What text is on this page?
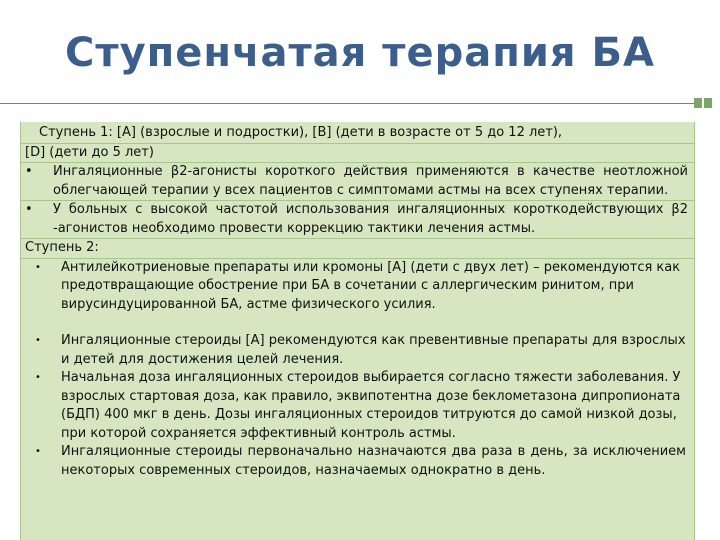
Ступенчатая терапия БА

Ступень 1: [A] (взрослые и подростки), [B] (дети в возрасте от 5 до 12 лет),

[D] (дети до 5 лет)

• Ингаляционные β2-агонисты короткого действия применяются в качестве неотложной облегчающей терапии у всех пациентов с симптомами астмы на всех ступенях терапии.
• У больных с высокой частотой использования ингаляционных короткодействующих β2 -агонистов необходимо провести коррекцию тактики лечения астмы.

Ступень 2:

• Антилейкотриеновые препараты или кромоны [A] (дети с двух лет) – рекомендуются как предотвращающие обострение при БА в сочетании с аллергическим ринитом, при вирусиндуцированной БА, астме физического усилия.
• Ингаляционные стероиды [A] рекомендуются как превентивные препараты для взрослых и детей для достижения целей лечения.
• Начальная доза ингаляционных стероидов выбирается согласно тяжести заболевания. У взрослых стартовая доза, как правило, эквипотентна дозе беклометазона дипропионата (БДП) 400 мкг в день. Дозы ингаляционных стероидов титруются до самой низкой дозы, при которой сохраняется эффективный контроль астмы.
• Ингаляционные стероиды первоначально назначаются два раза в день, за исключением некоторых современных стероидов, назначаемых однократно в день.
